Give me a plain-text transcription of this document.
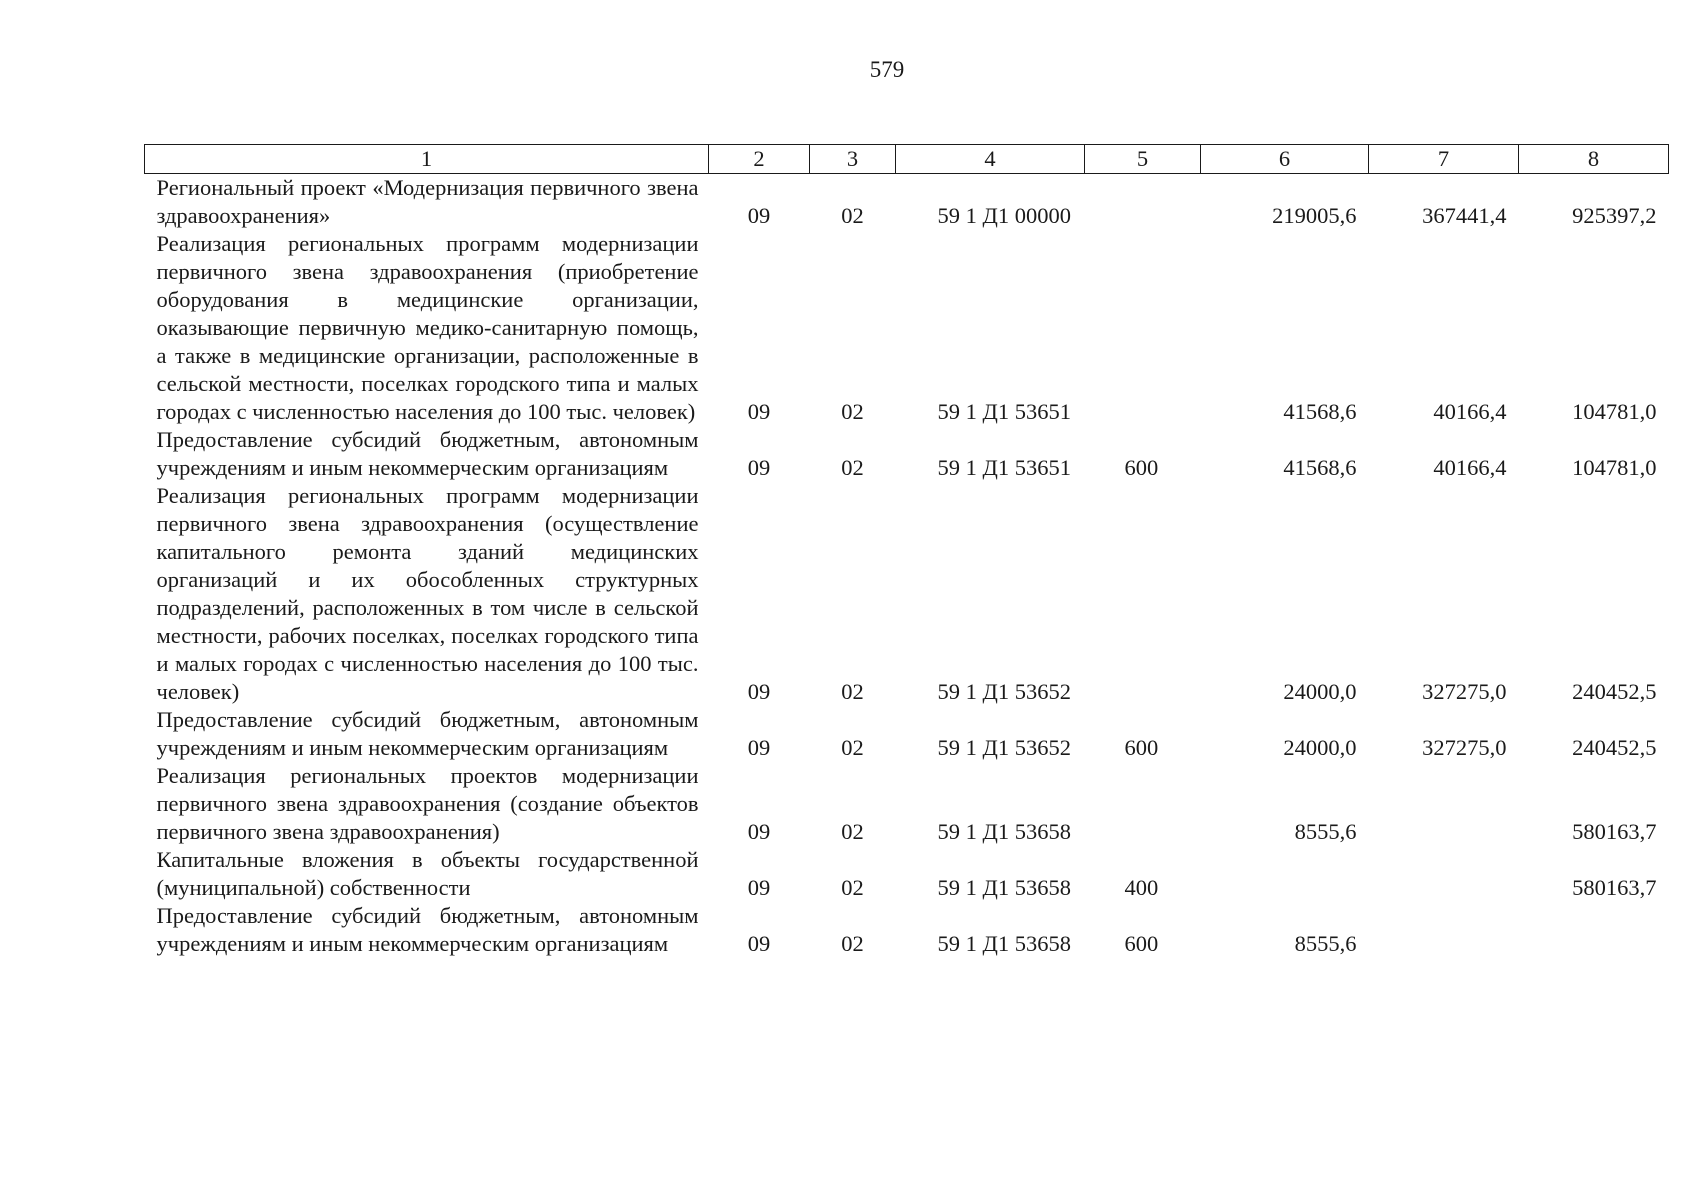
579
1	2	3	4	5	6	7	8
Региональный проект «Модернизация первичного звена здравоохранения»	09	02	59 1 Д1 00000		219005,6	367441,4	925397,2
Реализация региональных программ модернизации первичного звена здравоохранения (приобретение оборудования в медицинские организации, оказывающие первичную медико-санитарную помощь, а также в медицинские организации, расположенные в сельской местности, поселках городского типа и малых городах с численностью населения до 100 тыс. человек)	09	02	59 1 Д1 53651		41568,6	40166,4	104781,0
Предоставление субсидий бюджетным, автономным учреждениям и иным некоммерческим организациям	09	02	59 1 Д1 53651	600	41568,6	40166,4	104781,0
Реализация региональных программ модернизации первичного звена здравоохранения (осуществление капитального ремонта зданий медицинских организаций и их обособленных структурных подразделений, расположенных в том числе в сельской местности, рабочих поселках, поселках городского типа и малых городах с численностью населения до 100 тыс. человек)	09	02	59 1 Д1 53652		24000,0	327275,0	240452,5
Предоставление субсидий бюджетным, автономным учреждениям и иным некоммерческим организациям	09	02	59 1 Д1 53652	600	24000,0	327275,0	240452,5
Реализация региональных проектов модернизации первичного звена здравоохранения (создание объектов первичного звена здравоохранения)	09	02	59 1 Д1 53658		8555,6		580163,7
Капитальные вложения в объекты государственной (муниципальной) собственности	09	02	59 1 Д1 53658	400			580163,7
Предоставление субсидий бюджетным, автономным учреждениям и иным некоммерческим организациям	09	02	59 1 Д1 53658	600	8555,6		
